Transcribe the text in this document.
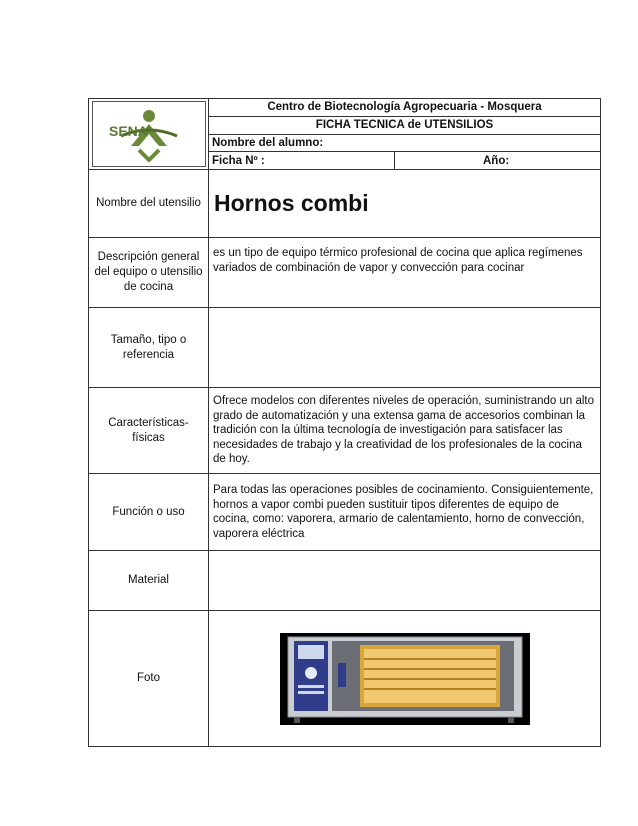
SENA	Centro de Biotecnología Agropecuaria - Mosquera	
	FICHA TECNICA de UTENSILIOS	
	Nombre del alumno:	
	Ficha Nº :	Año:
Nombre del utensilio	Hornos combi	
Descripción general del equipo o utensilio de cocina	es un tipo de equipo térmico profesional de cocina que aplica regímenes variados de combinación de vapor y convección para cocinar	
Tamaño, tipo o referencia		
Características-físicas	Ofrece modelos con diferentes niveles de operación, suministrando un alto grado de automatización y una extensa gama de accesorios combinan la tradición con la última tecnología de investigación para satisfacer las necesidades de trabajo y la creatividad de los profesionales de la cocina de hoy.	
Función o uso	Para todas las operaciones posibles de cocinamiento. Consiguientemente, hornos a vapor combi pueden sustituir tipos diferentes de equipo de cocina, como: vaporera, armario de calentamiento, horno de convección, vaporera eléctrica	
Material		
Foto	
